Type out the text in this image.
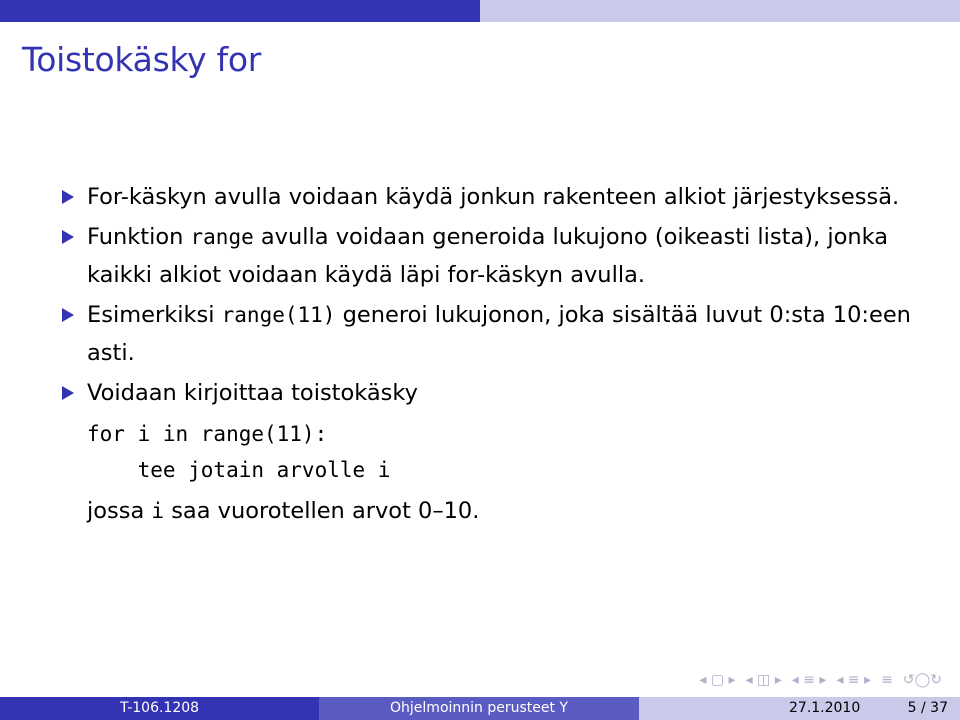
Toistokäsky for
For-käskyn avulla voidaan käydä jonkun rakenteen alkiot järjestyksessä.
Funktion range avulla voidaan generoida lukujono (oikeasti lista), jonka kaikki alkiot voidaan käydä läpi for-käskyn avulla.
Esimerkiksi range(11) generoi lukujonon, joka sisältää luvut 0:sta 10:een asti.
Voidaan kirjoittaa toistokäsky
for i in range(11):
tee jotain arvolle i
jossa i saa vuorotellen arvot 0–10.
◂ ▢ ▸ ◂ ◫ ▸ ◂ ≡ ▸ ◂ ≡ ▸ ≡ ↺◯↻
T-106.1208	Ohjelmoinnin perusteet Y	27.1.2010	5 / 37
